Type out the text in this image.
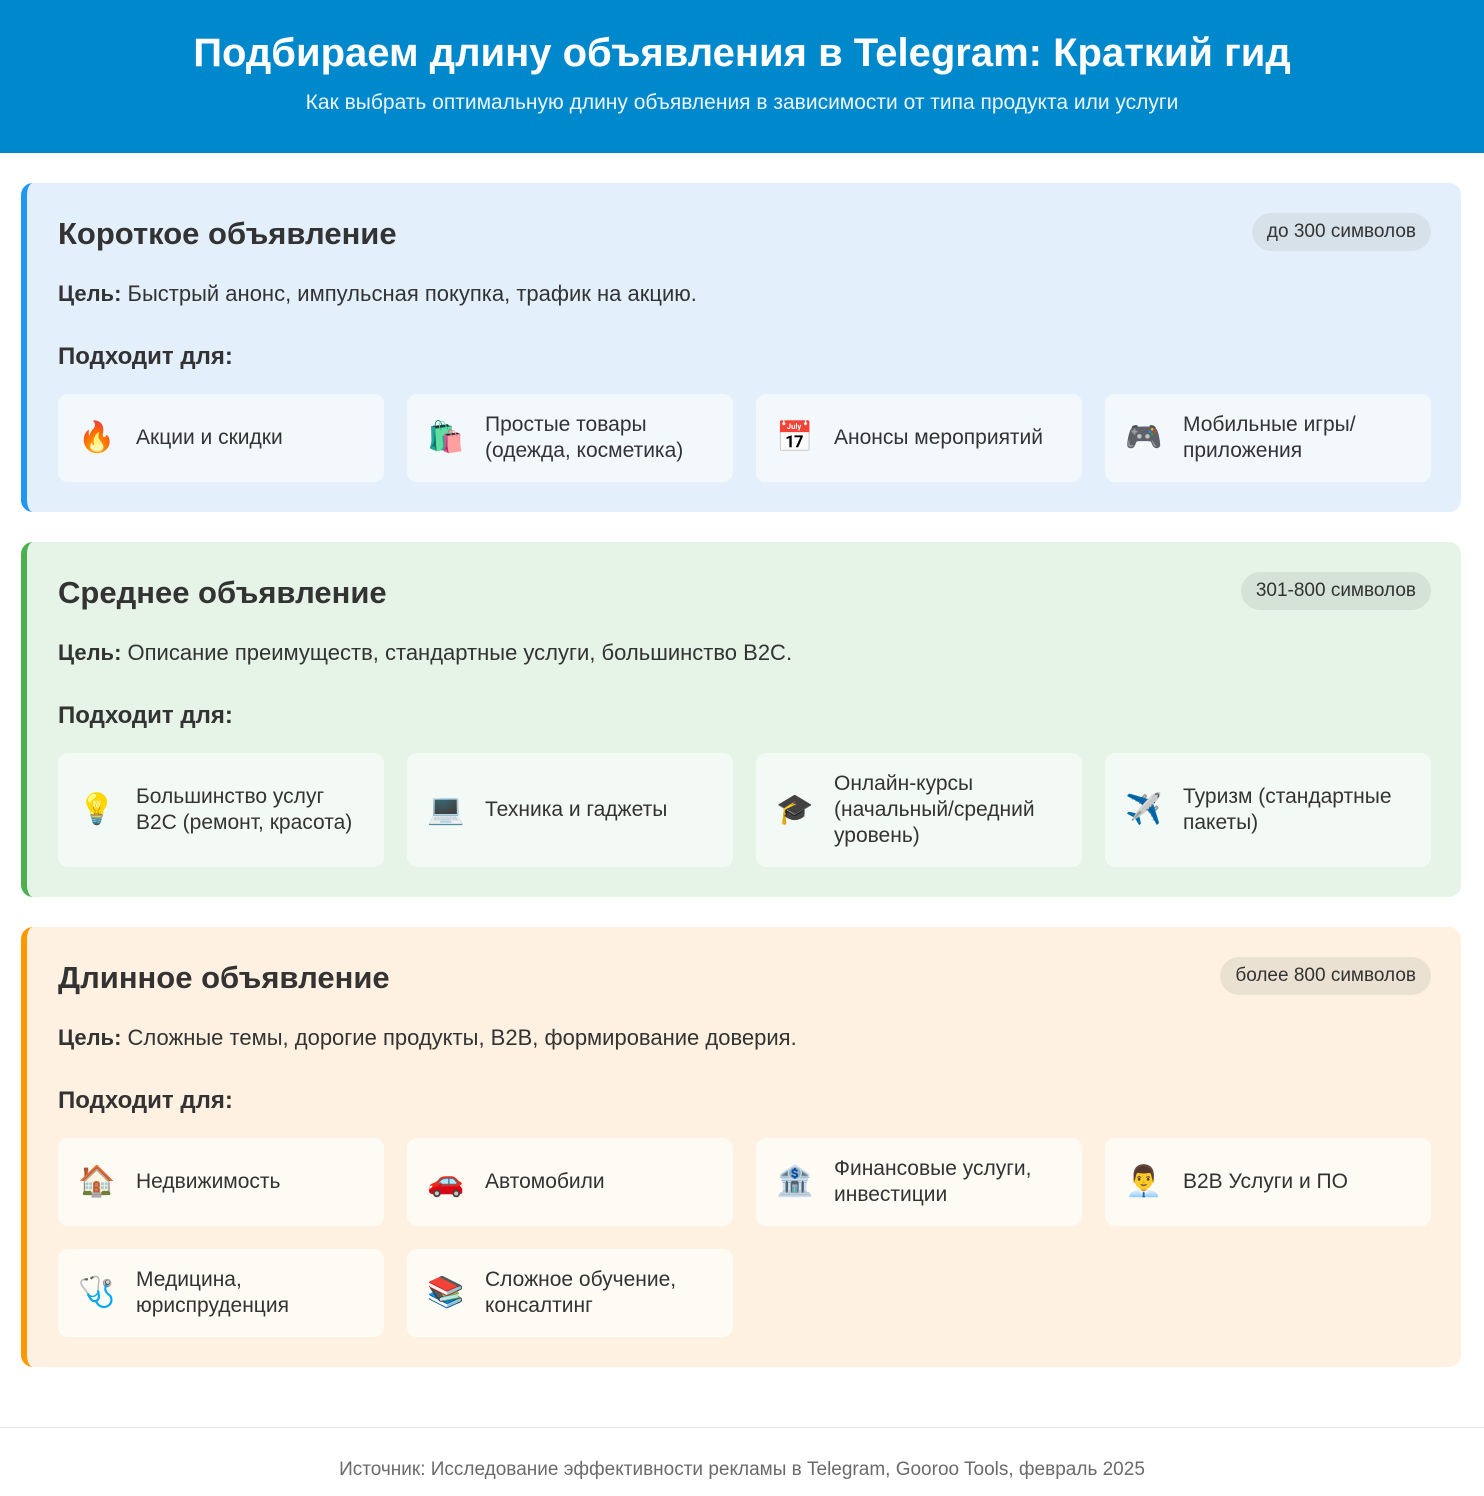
Подбираем длину объявления в Telegram: Краткий гид
Как выбрать оптимальную длину объявления в зависимости от типа продукта или услуги
Короткое объявление	до 300 символов
Цель: Быстрый анонс, импульсная покупка, трафик на акцию.
Подходит для:
🔥 Акции и скидки	🛍️ Простые товары (одежда, косметика)	📅 Анонсы мероприятий	🎮 Мобильные игры/ приложения
Среднее объявление	301-800 символов
Цель: Описание преимуществ, стандартные услуги, большинство B2C.
Подходит для:
💡 Большинство услуг B2C (ремонт, красота)	💻 Техника и гаджеты	🎓
Онлайн-курсы (начальный/средний уровень)
✈️ Туризм (стандартные пакеты)
Длинное объявление	более 800 символов
Цель: Сложные темы, дорогие продукты, B2B, формирование доверия.
Подходит для:
🏠 Недвижимость	🚗 Автомобили	🏦 Финансовые услуги, инвестиции	👨‍💼 B2B Услуги и ПО
🩺 Медицина, юриспруденция	📚 Сложное обучение, консалтинг
Источник: Исследование эффективности рекламы в Telegram, Gooroo Tools, февраль 2025
